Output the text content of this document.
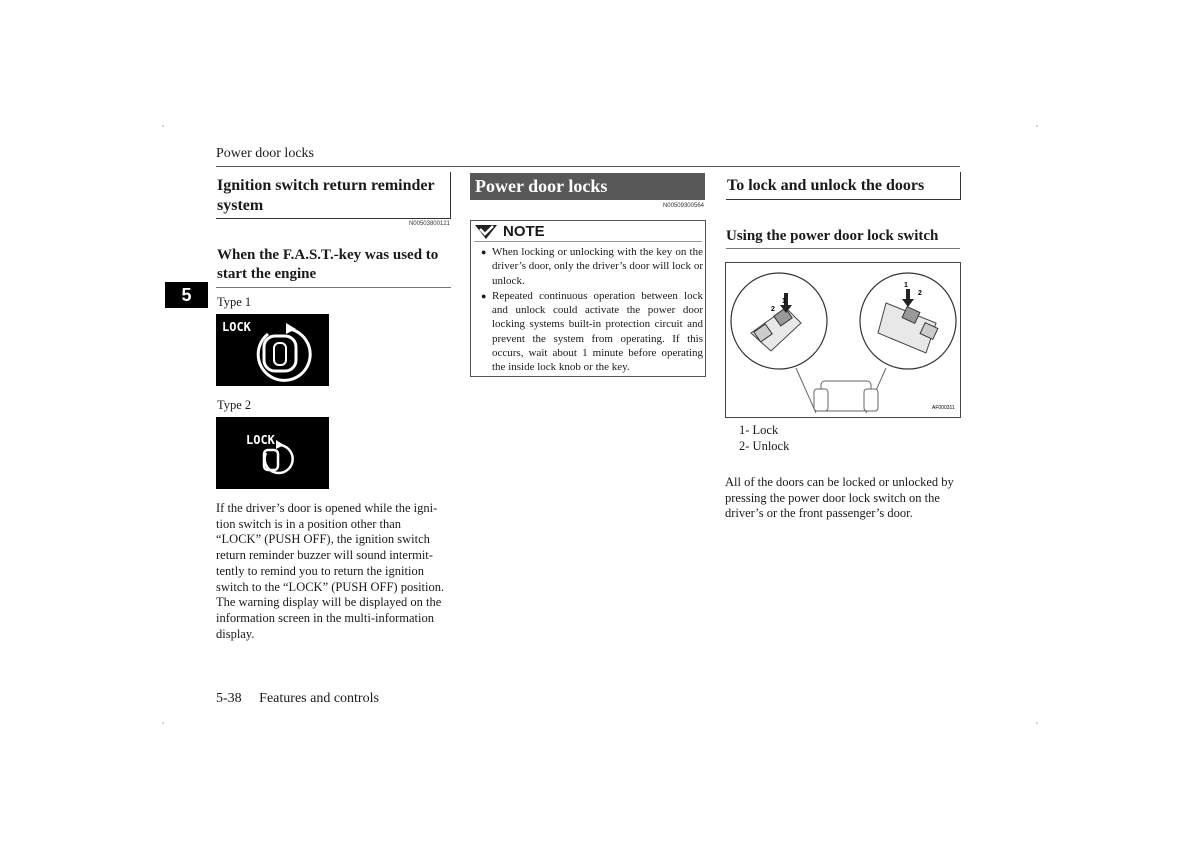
Power door locks
5
Ignition switch return reminder
system
N00503800121
When the F.A.S.T.-key was used to
start the engine
Type 1
LOCK
Type 2
LOCK
If the driver’s door is opened while the igni-
tion switch is in a position other than
“LOCK” (PUSH OFF), the ignition switch
return reminder buzzer will sound intermit-
tently to remind you to return the ignition
switch to the “LOCK” (PUSH OFF) position.
The warning display will be displayed on the
information screen in the multi-information
display.
Power door locks
N00509300564
NOTE
● When locking or unlocking with the key on the driver’s door, only the driver’s door will lock or unlock.
● Repeated continuous operation between lock and unlock could activate the power door locking systems built-in protection circuit and prevent the system from operating. If this occurs, wait about 1 minute before operating the inside lock knob or the key.
To lock and unlock the doors
Using the power door lock switch
2
1
1
2
AF000311
1- Lock
2- Unlock
All of the doors can be locked or unlocked by
pressing the power door lock switch on the
driver’s or the front passenger’s door.
5-38 Features and controls
